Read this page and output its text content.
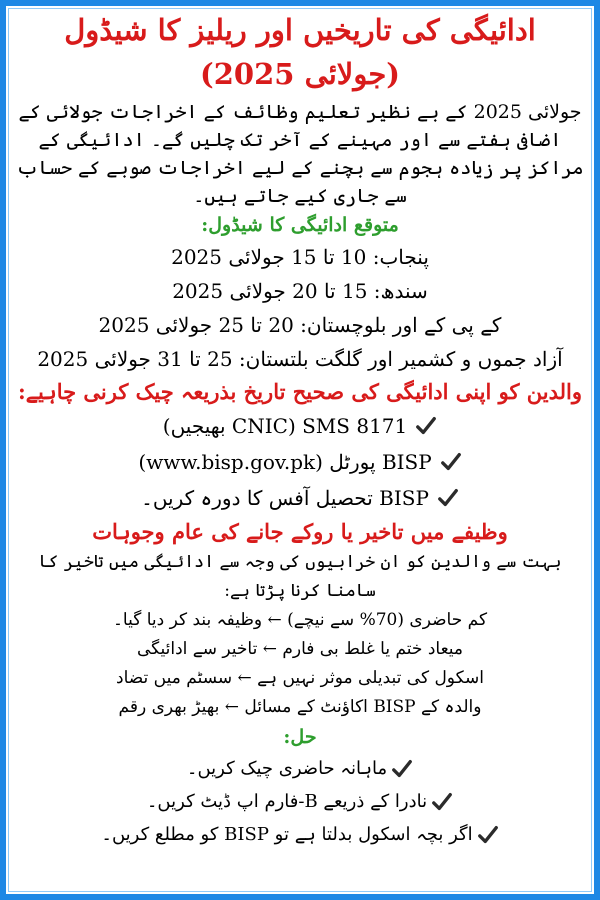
ادائیگی کی تاریخیں اور ریلیز کا شیڈول (جولائی 2025)

جولائی 2025 کے بے نظیر تعلیم وظائف کے اخراجات جولائی کے اضافی ہفتے سے اور مہینے کے آخر تک چلیں گے۔ ادائیگی کے مراکز پر زیادہ ہجوم سے بچنے کے لیے اخراجات صوبے کے حساب سے جاری کیے جاتے ہیں۔

متوقع ادائیگی کا شیڈول:

پنجاب: 10 تا 15 جولائی 2025

سندھ: 15 تا 20 جولائی 2025

کے پی کے اور بلوچستان: 20 تا 25 جولائی 2025

آزاد جموں و کشمیر اور گلگت بلتستان: 25 تا 31 جولائی 2025

والدین کو اپنی ادائیگی کی صحیح تاریخ بذریعہ چیک کرنی چاہیے:

SMS 8171 (CNIC بھیجیں)
BISP پورٹل (www.bisp.gov.pk)
BISP تحصیل آفس کا دورہ کریں۔

وظیفے میں تاخیر یا روکے جانے کی عام وجوہات

بہت سے والدین کو ان خرابیوں کی وجہ سے ادائیگی میں تاخیر کا سامنا کرنا پڑتا ہے:

کم حاضری (70% سے نیچے) ← وظیفہ بند کر دیا گیا۔

میعاد ختم یا غلط بی فارم ← تاخیر سے ادائیگی

اسکول کی تبدیلی موثر نہیں ہے ← سسٹم میں تضاد

والدہ کے BISP اکاؤنٹ کے مسائل ← بھیڑ بھری رقم

حل:

ماہانہ حاضری چیک کریں۔
نادرا کے ذریعے B-فارم اپ ڈیٹ کریں۔
اگر بچہ اسکول بدلتا ہے تو BISP کو مطلع کریں۔
